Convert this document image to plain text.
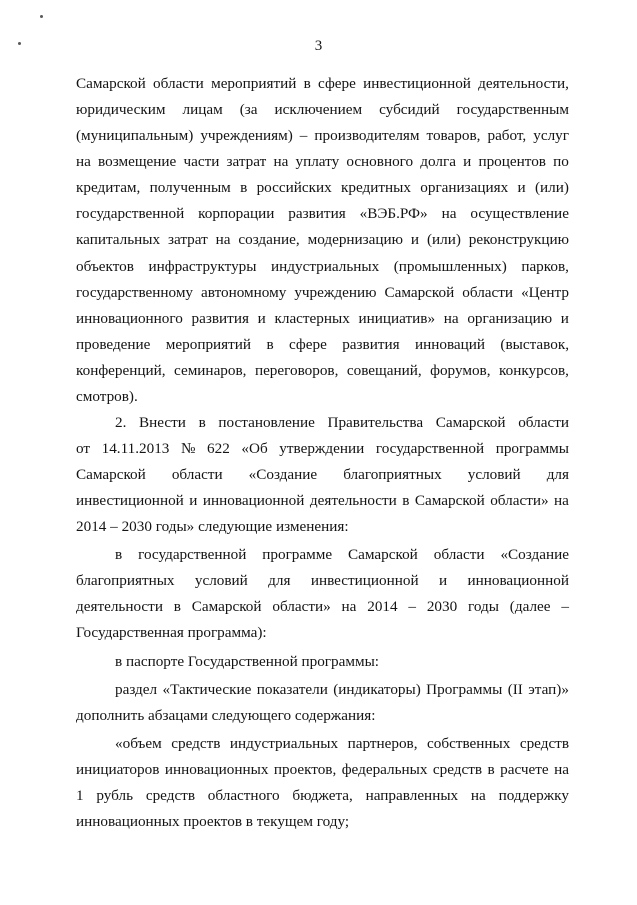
3
Самарской области мероприятий в сфере инвестиционной деятельности,
юридическим лицам (за исключением субсидий государственным
(муниципальным) учреждениям) – производителям товаров, работ, услуг
на возмещение части затрат на уплату основного долга и процентов по
кредитам, полученным в российских кредитных организациях и (или)
государственной корпорации развития «ВЭБ.РФ» на осуществление
капитальных затрат на создание, модернизацию и (или) реконструкцию
объектов инфраструктуры индустриальных (промышленных) парков,
государственному автономному учреждению Самарской области «Центр
инновационного развития и кластерных инициатив» на организацию и
проведение мероприятий в сфере развития инноваций (выставок,
конференций, семинаров, переговоров, совещаний, форумов, конкурсов,
смотров).
2. Внести в постановление Правительства Самарской области
от 14.11.2013 № 622 «Об утверждении государственной программы
Самарской области «Создание благоприятных условий для
инвестиционной и инновационной деятельности в Самарской области» на
2014 – 2030 годы» следующие изменения:
в государственной программе Самарской области «Создание
благоприятных условий для инвестиционной и инновационной
деятельности в Самарской области» на 2014 – 2030 годы (далее –
Государственная программа):
в паспорте Государственной программы:
раздел «Тактические показатели (индикаторы) Программы (II этап)»
дополнить абзацами следующего содержания:
«объем средств индустриальных партнеров, собственных средств
инициаторов инновационных проектов, федеральных средств в расчете на
1 рубль средств областного бюджета, направленных на поддержку
инновационных проектов в текущем году;
